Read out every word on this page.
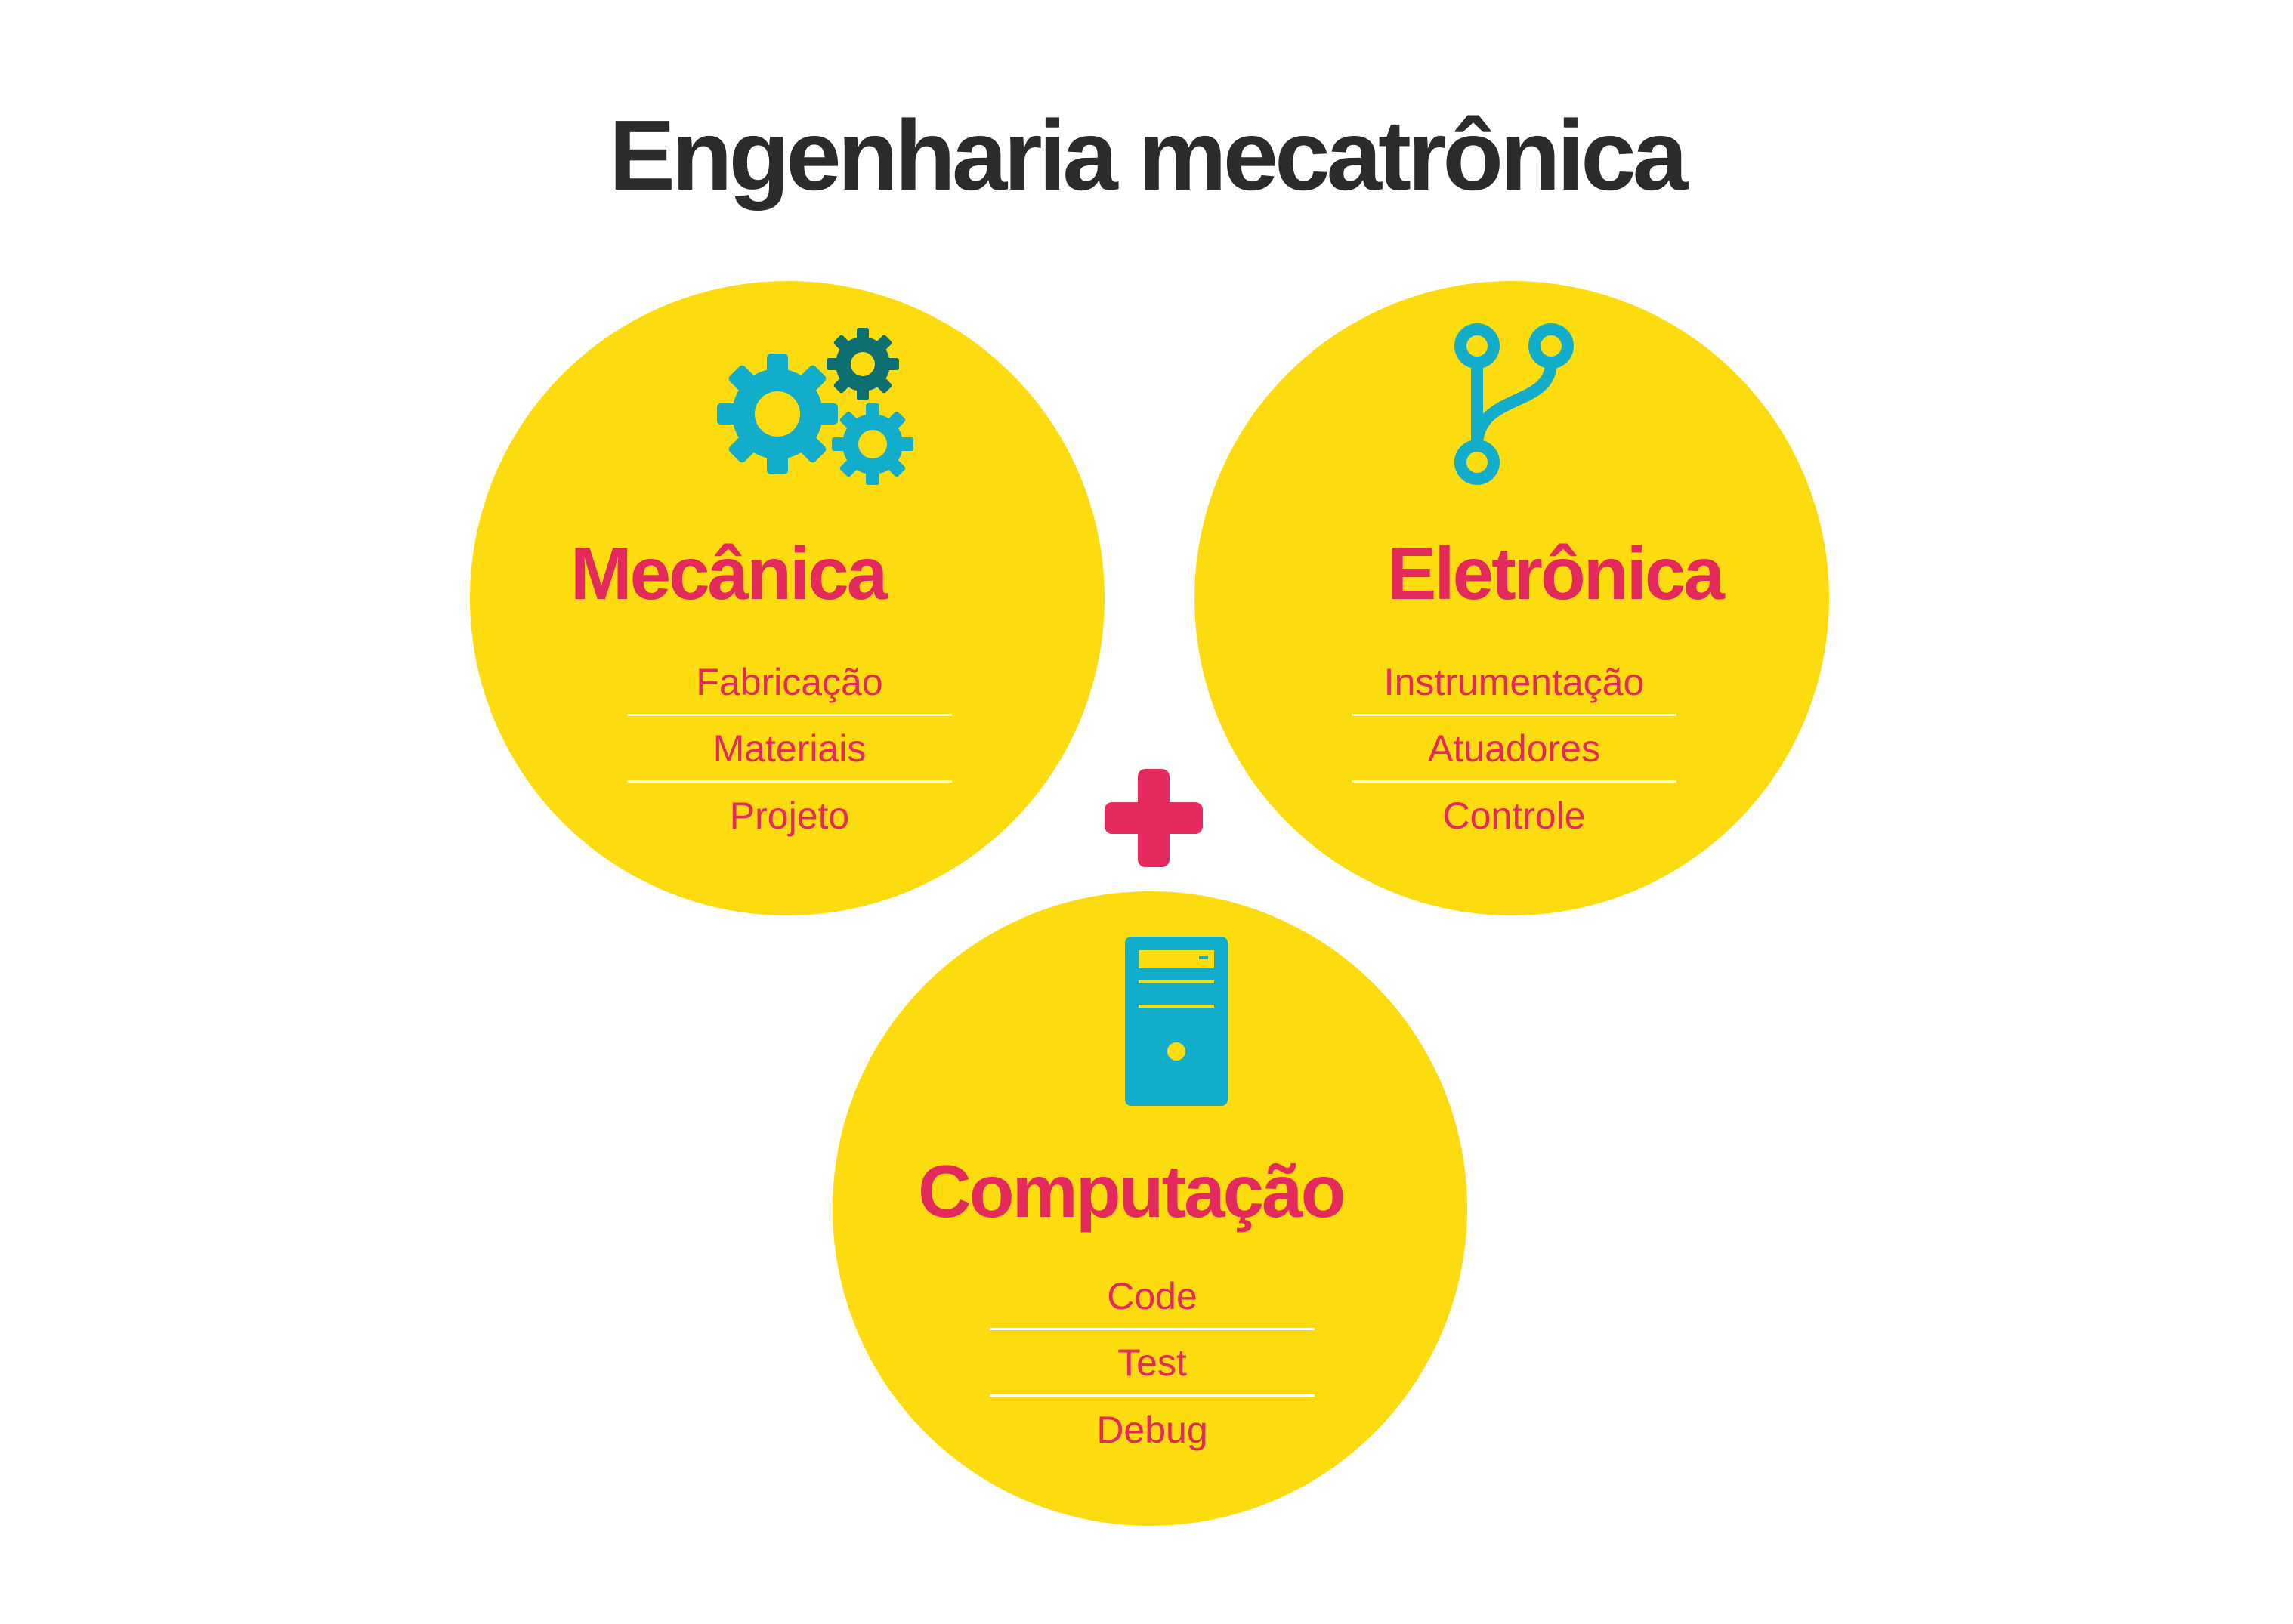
Engenharia mecatrônica
Mecânica
Fabricação
Materiais
Projeto
Eletrônica
Instrumentação
Atuadores
Controle
Computação
Code
Test
Debug
